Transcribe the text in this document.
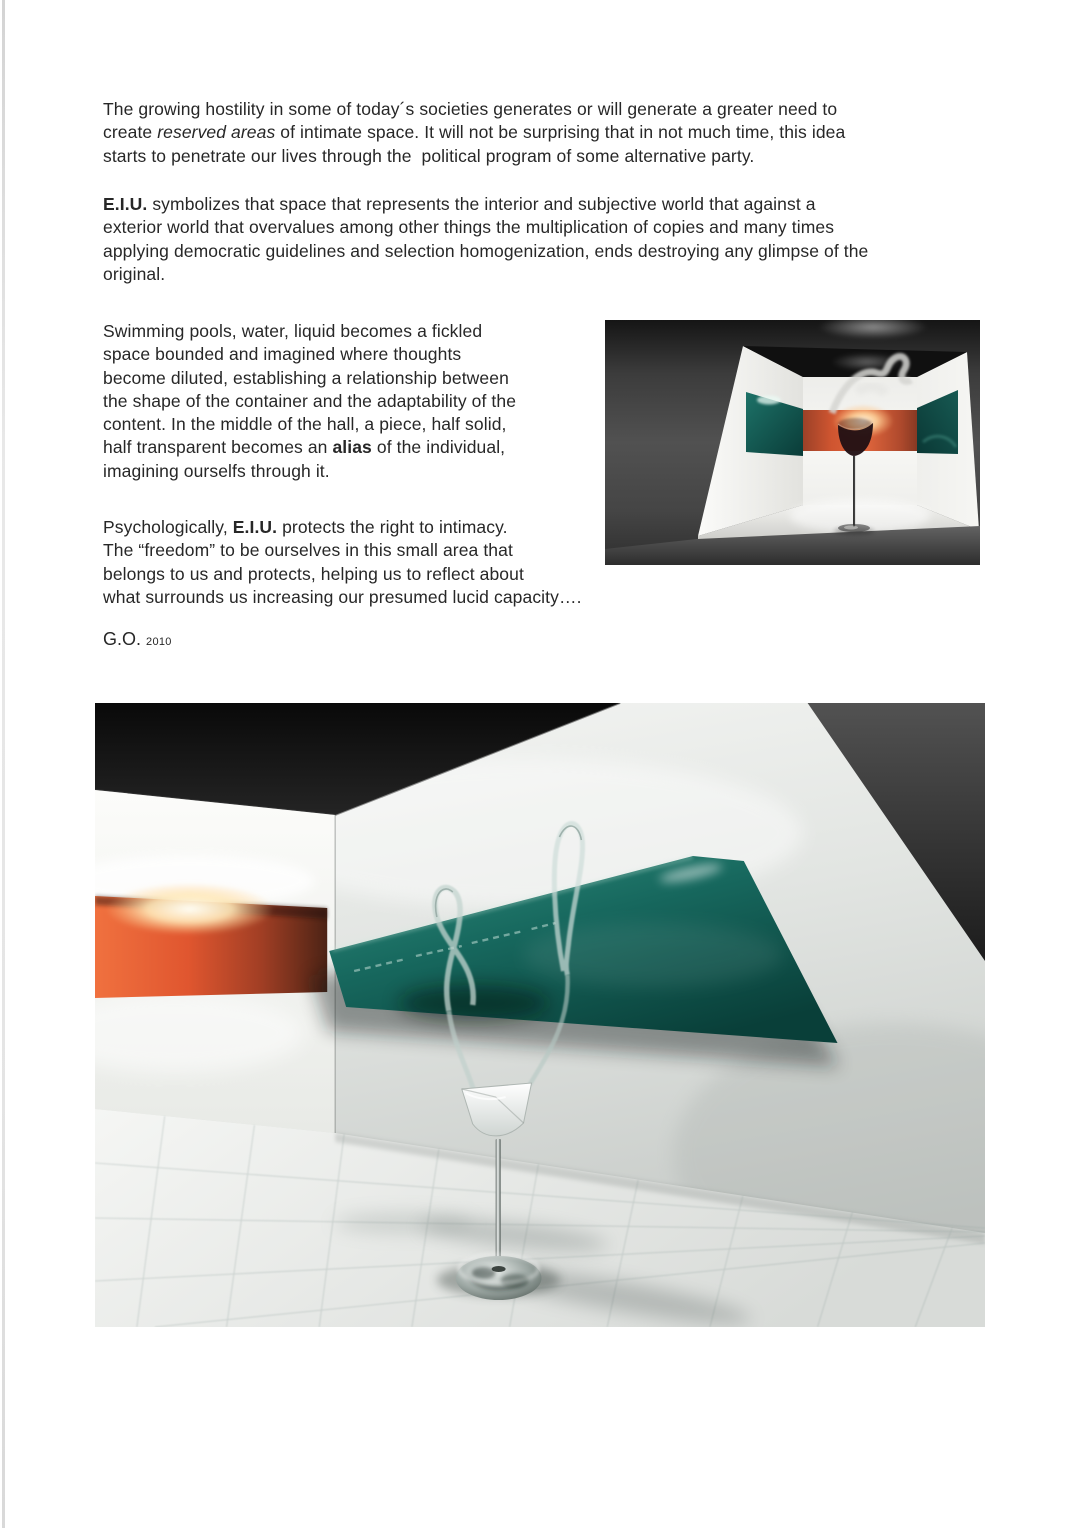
The growing hostility in some of today´s societies generates or will generate a greater need to
create reserved areas of intimate space. It will not be surprising that in not much time, this idea
starts to penetrate our lives through the  political program of some alternative party.

E.I.U. symbolizes that space that represents the interior and subjective world that against a
exterior world that overvalues among other things the multiplication of copies and many times
applying democratic guidelines and selection homogenization, ends destroying any glimpse of the
original.

Swimming pools, water, liquid becomes a fickled
space bounded and imagined where thoughts
become diluted, establishing a relationship between
the shape of the container and the adaptability of the
content. In the middle of the hall, a piece, half solid,
half transparent becomes an alias of the individual,
imagining ourselfs through it.

Psychologically, E.I.U. protects the right to intimacy.
The “freedom” to be ourselves in this small area that
belongs to us and protects, helping us to reflect about
what surrounds us increasing our presumed lucid capacity….

G.O. 2010
